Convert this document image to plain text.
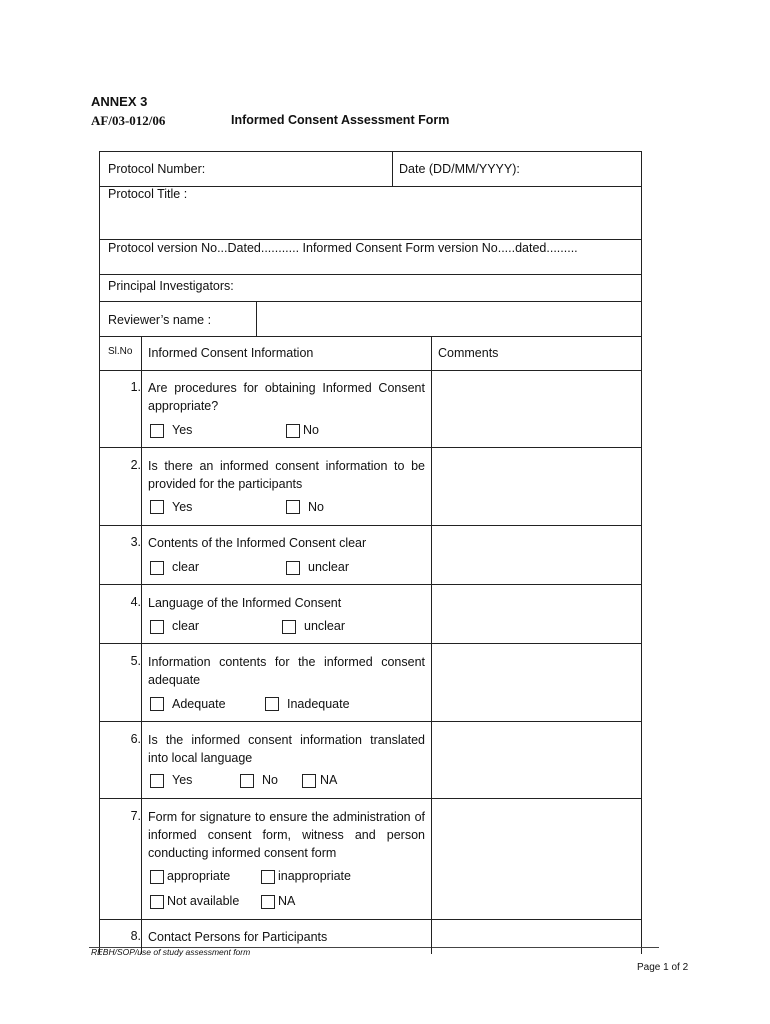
ANNEX 3
AF/03-012/06	Informed Consent Assessment Form
Protocol Number:	Date (DD/MM/YYYY):
Protocol Title :
Protocol version No...Dated........... Informed Consent Form version No.....dated.........
Principal Investigators:
Reviewer’s name :
Sl.No Informed Consent Information	Comments
1. Are procedures for obtaining Informed Consent appropriate?
Yes	No
2. Is there an informed consent information to be provided for the participants
Yes	No
3. Contents of the Informed Consent clear
clear	unclear
4. Language of the Informed Consent
clear	unclear
5. Information contents for the informed consent adequate
Adequate	Inadequate
6. Is the informed consent information translated into local language
Yes	No	NA
7. Form for signature to ensure the administration of informed consent form, witness and person conducting informed consent form
appropriate	inappropriate
Not available	NA
8. Contact Persons for Participants
REBH/SOP/use of study assessment form
Page 1 of 2
